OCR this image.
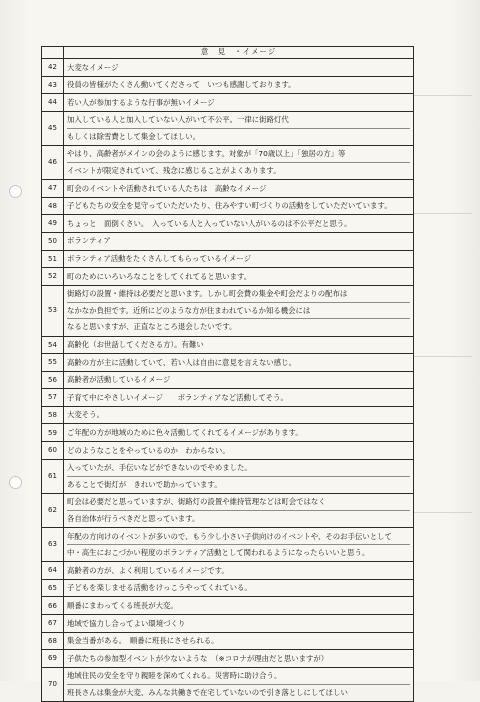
	意　見　・イメージ
42	大変なイメージ

43	役員の皆様がたくさん動いてくださって　いつも感謝しております。

44	若い人が参加するような行事が無いイメージ

45	加入している人と加入していない人がいて不公平。一律に街路灯代
もしくは除雪費として集金してほしい。

46	やはり、高齢者がメインの会のように感じます。対象が「70歳以上」「独居の方」等
イベントが限定されていて、残念に感じることがよくあります。

47	町会のイベントや活動されている人たちは　高齢なイメージ

48	子どもたちの安全を見守っていただいたり、住みやすい町づくりの活動をしていただいています。

49	ちょっと　面倒くさい。　入っている人と入っていない人がいるのは不公平だと思う。

50	ボランティア

51	ボランティア活動をたくさんしてもらっているイメージ

52	町のためにいろいろなことをしてくれてると思います。

53	街路灯の設置・維持は必要だと思います。しかし町会費の集金や町会だよりの配布は
なかなか負担です。近所にどのような方が住まわれているか知る機会には
なると思いますが、正直なところ退会したいです。

54	高齢化（お世話してくださる方）。有難い

55	高齢の方が主に活動していて、若い人は自由に意見を言えない感じ。

56	高齢者が活動しているイメージ

57	子育て中にやさしいイメージ　　ボランティアなど活動してそう。

58	大変そう。

59	ご年配の方が地域のために色々活動してくれてるイメージがあります。

60	どのようなことをやっているのか　わからない。

61	入っていたが、手伝いなどができないのでやめました。
あることで街灯が　きれいで助かっています。

62	町会は必要だと思っていますが、街路灯の設置や維持管理などは町会ではなく
各自治体が行うべきだと思っています。

63	年配の方向けのイベントが多いので、もう少し小さい子供向けのイベントや、そのお手伝いとして
中・高生におこづかい程度のボランティア活動として関われるようになったらいいと思う。

64	高齢者の方が、よく利用しているイメージです。

65	子どもを楽しませる活動をけっこうやってくれている。

66	順番にまわってくる班長が大変。

67	地域で協力し合ってよい環境づくり

68	集金当番がある。　順番に班長にさせられる。

69	子供たちの参加型イベントが少ないような　（※コロナが理由だと思いますが）

70	地域住民の安全を守り親睦を深めてくれる。災害時に助け合う。
班長さんは集金が大変、みんな共働きで在宅していないので引き落としにしてほしい
